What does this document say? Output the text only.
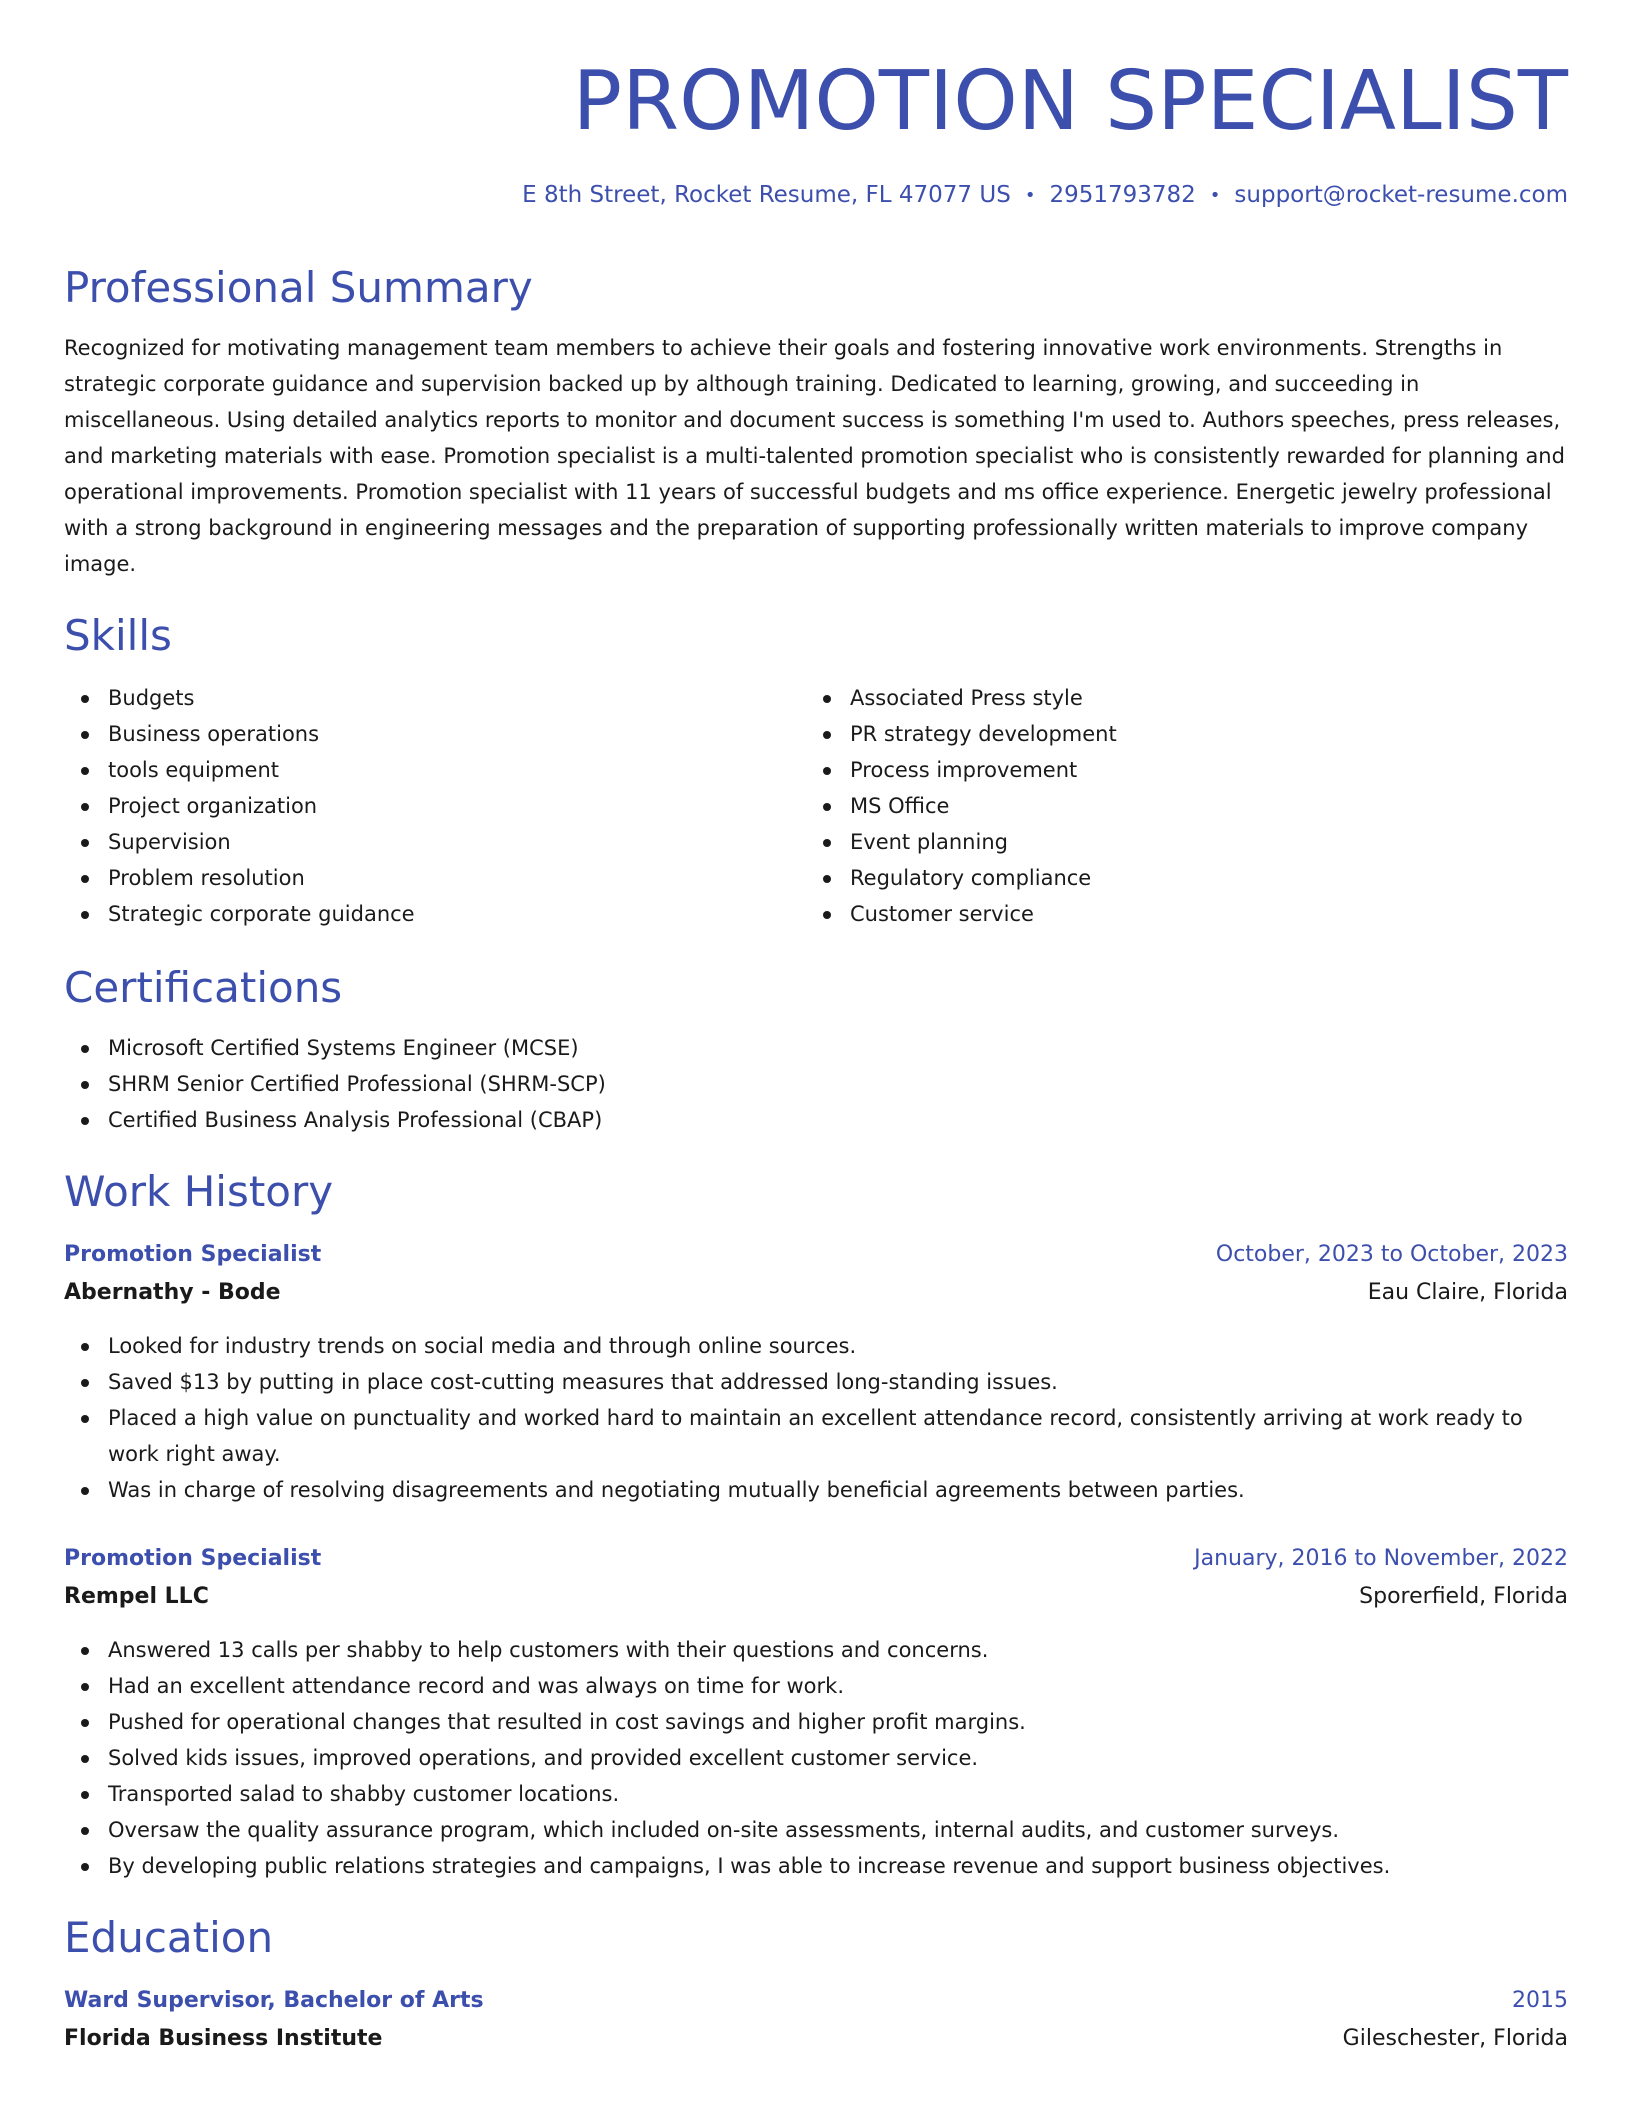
PROMOTION SPECIALIST
E 8th Street, Rocket Resume, FL 47077 US • 2951793782 • support@rocket-resume.com
Professional Summary

Recognized for motivating management team members to achieve their goals and fostering innovative work environments. Strengths in strategic corporate guidance and supervision backed up by although training. Dedicated to learning, growing, and succeeding in miscellaneous. Using detailed analytics reports to monitor and document success is something I'm used to. Authors speeches, press releases, and marketing materials with ease. Promotion specialist is a multi-talented promotion specialist who is consistently rewarded for planning and operational improvements. Promotion specialist with 11 years of successful budgets and ms office experience. Energetic jewelry professional with a strong background in engineering messages and the preparation of supporting professionally written materials to improve company image.

Skills
Budgets
Business operations
tools equipment
Project organization
Supervision
Problem resolution
Strategic corporate guidance
Associated Press style
PR strategy development
Process improvement
MS Office
Event planning
Regulatory compliance
Customer service
Certifications
Microsoft Certified Systems Engineer (MCSE)
SHRM Senior Certified Professional (SHRM-SCP)
Certified Business Analysis Professional (CBAP)
Work History
Promotion Specialist	October, 2023 to October, 2023
Abernathy - Bode	Eau Claire, Florida
Looked for industry trends on social media and through online sources.
Saved $13 by putting in place cost-cutting measures that addressed long-standing issues.
Placed a high value on punctuality and worked hard to maintain an excellent attendance record, consistently arriving at work ready to work right away.
Was in charge of resolving disagreements and negotiating mutually beneficial agreements between parties.
Promotion Specialist	January, 2016 to November, 2022
Rempel LLC	Sporerfield, Florida
Answered 13 calls per shabby to help customers with their questions and concerns.
Had an excellent attendance record and was always on time for work.
Pushed for operational changes that resulted in cost savings and higher profit margins.
Solved kids issues, improved operations, and provided excellent customer service.
Transported salad to shabby customer locations.
Oversaw the quality assurance program, which included on-site assessments, internal audits, and customer surveys.
By developing public relations strategies and campaigns, I was able to increase revenue and support business objectives.
Education
Ward Supervisor, Bachelor of Arts	2015
Florida Business Institute	Gileschester, Florida
